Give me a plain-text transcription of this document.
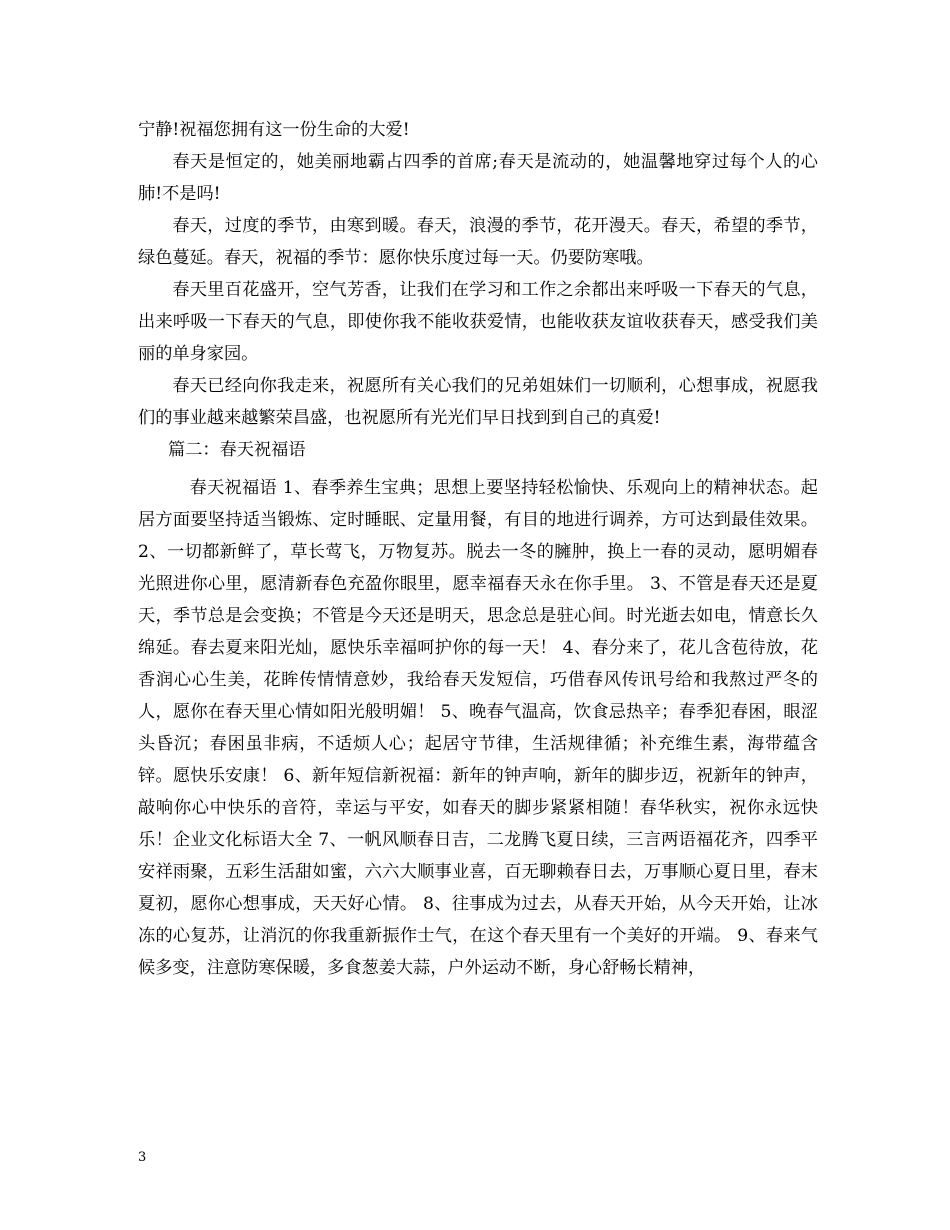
宁静!祝福您拥有这一份生命的大爱!

春天是恒定的，她美丽地霸占四季的首席;春天是流动的，她温馨地穿过每个人的心肺!不是吗!

春天，过度的季节，由寒到暖。春天，浪漫的季节，花开漫天。春天，希望的季节，绿色蔓延。春天，祝福的季节：愿你快乐度过每一天。仍要防寒哦。

春天里百花盛开，空气芳香，让我们在学习和工作之余都出来呼吸一下春天的气息，出来呼吸一下春天的气息，即使你我不能收获爱情，也能收获友谊收获春天，感受我们美丽的单身家园。

春天已经向你我走来，祝愿所有关心我们的兄弟姐妹们一切顺利，心想事成，祝愿我们的事业越来越繁荣昌盛，也祝愿所有光光们早日找到到自己的真爱!

篇二：春天祝福语

春天祝福语 1、春季养生宝典；思想上要坚持轻松愉快、乐观向上的精神状态。起居方面要坚持适当锻炼、定时睡眠、定量用餐，有目的地进行调养，方可达到最佳效果。 2、一切都新鲜了，草长莺飞，万物复苏。脱去一冬的臃肿，换上一春的灵动，愿明媚春光照进你心里，愿清新春色充盈你眼里，愿幸福春天永在你手里。 3、不管是春天还是夏天，季节总是会变换；不管是今天还是明天，思念总是驻心间。时光逝去如电，情意长久绵延。春去夏来阳光灿，愿快乐幸福呵护你的每一天！ 4、春分来了，花儿含苞待放，花香润心心生美，花眸传情情意妙，我给春天发短信，巧借春风传讯号给和我熬过严冬的人，愿你在春天里心情如阳光般明媚！ 5、晚春气温高，饮食忌热辛；春季犯春困，眼涩头昏沉；春困虽非病，不适烦人心；起居守节律，生活规律循；补充维生素，海带蕴含锌。愿快乐安康！ 6、新年短信新祝福：新年的钟声响，新年的脚步迈，祝新年的钟声，敲响你心中快乐的音符，幸运与平安，如春天的脚步紧紧相随！春华秋实，祝你永远快乐！企业文化标语大全 7、一帆风顺春日吉，二龙腾飞夏日续，三言两语福花齐，四季平安祥雨聚，五彩生活甜如蜜，六六大顺事业喜，百无聊赖春日去，万事顺心夏日里，春末夏初，愿你心想事成，天天好心情。 8、往事成为过去，从春天开始，从今天开始，让冰冻的心复苏，让消沉的你我重新振作士气，在这个春天里有一个美好的开端。 9、春来气候多变，注意防寒保暖，多食葱姜大蒜，户外运动不断，身心舒畅长精神，

3
